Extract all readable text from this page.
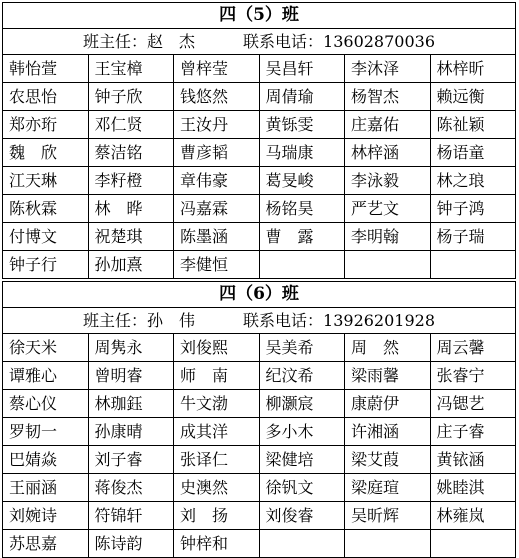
四（5）班					
班主任：赵　杰 联系电话：13602870036					
韩怡萱	王宝樟	曾梓莹	吴昌轩	李沐泽	林梓昕
农思怡	钟子欣	钱悠然	周倩瑜	杨智杰	赖远衡
郑亦珩	邓仁贤	王汝丹	黄铄雯	庄嘉佑	陈祉颖
魏　欣	蔡洁铭	曹彦韬	马瑞康	林梓涵	杨语童
江天琳	李籽橙	章伟豪	葛旻峻	李泳毅	林之琅
陈秋霖	林　晔	冯嘉霖	杨铭昊	严艺文	钟子鸿
付博文	祝楚琪	陈墨涵	曹　露	李明翰	杨子瑞
钟子行	孙加熹	李健恒			
四（6）班					
班主任：孙　伟 联系电话：13926201928					
徐天米	周隽永	刘俊熙	吴美希	周　然	周云馨
谭雅心	曾明睿	师　南	纪汶希	梁雨馨	张睿宁
蔡心仪	林珈鈺	牛文渤	柳灏宸	康蔚伊	冯锶艺
罗韧一	孙康晴	成其洋	多小木	许湘涵	庄子睿
巴婧焱	刘子睿	张译仁	梁健培	梁艾葭	黄铱涵
王丽涵	蒋俊杰	史澳然	徐钒文	梁庭瑄	姚睦淇
刘婉诗	符锦轩	刘　扬	刘俊睿	吴昕辉	林雍岚
苏思嘉	陈诗韵	钟梓和			
